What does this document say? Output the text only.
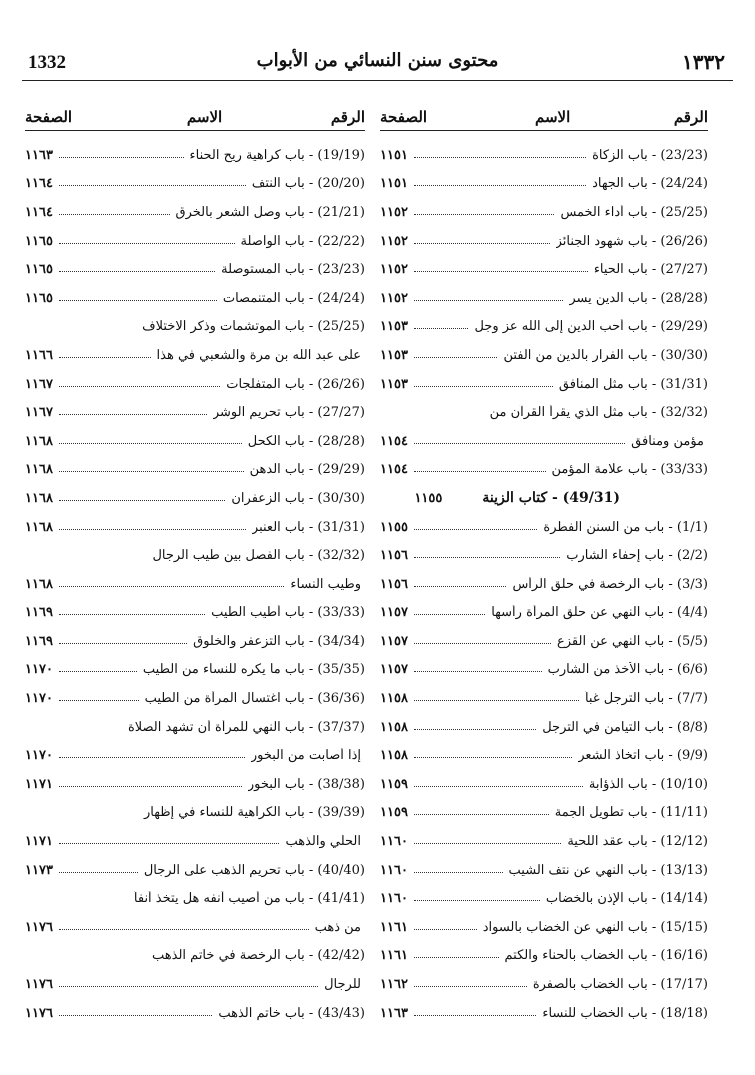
1332	محتوى سنن النسائي من الأبواب	١٣٣٢
الرقم
الاسم
الصفحة
(23/23) - باب الزكاة
١١٥١
(24/24) - باب الجهاد
١١٥١
(25/25) - باب أداء الخمس
١١٥٢
(26/26) - باب شهود الجنائز
١١٥٢
(27/27) - باب الحياء
١١٥٢
(28/28) - باب الدين يسر
١١٥٢
(29/29) - باب أحب الدين إلى الله عز وجل
١١٥٣
(30/30) - باب الفرار بالدين من الفتن
١١٥٣
(31/31) - باب مثل المنافق
١١٥٣
(32/32) - باب مثل الذي يقرأ القرآن من
مؤمن ومنافق
١١٥٤
(33/33) - باب علامة المؤمن
١١٥٤
(49/31) - كتاب الزينة
١١٥٥
(1/1) - باب من السنن الفطرة
١١٥٥
(2/2) - باب إحفاء الشارب
١١٥٦
(3/3) - باب الرخصة في حلق الرأس
١١٥٦
(4/4) - باب النهي عن حلق المرأة رأسها
١١٥٧
(5/5) - باب النهي عن القزع
١١٥٧
(6/6) - باب الأخذ من الشارب
١١٥٧
(7/7) - باب الترجل غباً
١١٥٨
(8/8) - باب التيامن في الترجل
١١٥٨
(9/9) - باب اتخاذ الشعر
١١٥٨
(10/10) - باب الذؤابة
١١٥٩
(11/11) - باب تطويل الجمة
١١٥٩
(12/12) - باب عقد اللحية
١١٦٠
(13/13) - باب النهي عن نتف الشيب
١١٦٠
(14/14) - باب الإذن بالخضاب
١١٦٠
(15/15) - باب النهي عن الخضاب بالسواد
١١٦١
(16/16) - باب الخضاب بالحناء والكتم
١١٦١
(17/17) - باب الخضاب بالصفرة
١١٦٢
(18/18) - باب الخضاب للنساء
١١٦٣
الرقم
الاسم
الصفحة
(19/19) - باب كراهية ريح الحناء
١١٦٣
(20/20) - باب النتف
١١٦٤
(21/21) - باب وصل الشعر بالخرق
١١٦٤
(22/22) - باب الواصلة
١١٦٥
(23/23) - باب المستوصلة
١١٦٥
(24/24) - باب المتنمصات
١١٦٥
(25/25) - باب الموتشمات وذكر الاختلاف
على عبد الله بن مرة والشعبي في هذا
١١٦٦
(26/26) - باب المتفلجات
١١٦٧
(27/27) - باب تحريم الوشر
١١٦٧
(28/28) - باب الكحل
١١٦٨
(29/29) - باب الدهن
١١٦٨
(30/30) - باب الزعفران
١١٦٨
(31/31) - باب العنبر
١١٦٨
(32/32) - باب الفصل بين طيب الرجال
وطيب النساء
١١٦٨
(33/33) - باب أطيب الطيب
١١٦٩
(34/34) - باب التزعفر والخلوق
١١٦٩
(35/35) - باب ما يكره للنساء من الطيب
١١٧٠
(36/36) - باب اغتسال المرأة من الطيب
١١٧٠
(37/37) - باب النهي للمرأة أن تشهد الصلاة
إذا أصابت من البخور
١١٧٠
(38/38) - باب البخور
١١٧١
(39/39) - باب الكراهية للنساء في إظهار
الحلي والذهب
١١٧١
(40/40) - باب تحريم الذهب على الرجال
١١٧٣
(41/41) - باب من أصيب أنفه هل يتخذ أنفاً
من ذهب
١١٧٦
(42/42) - باب الرخصة في خاتم الذهب
للرجال
١١٧٦
(43/43) - باب خاتم الذهب
١١٧٦
